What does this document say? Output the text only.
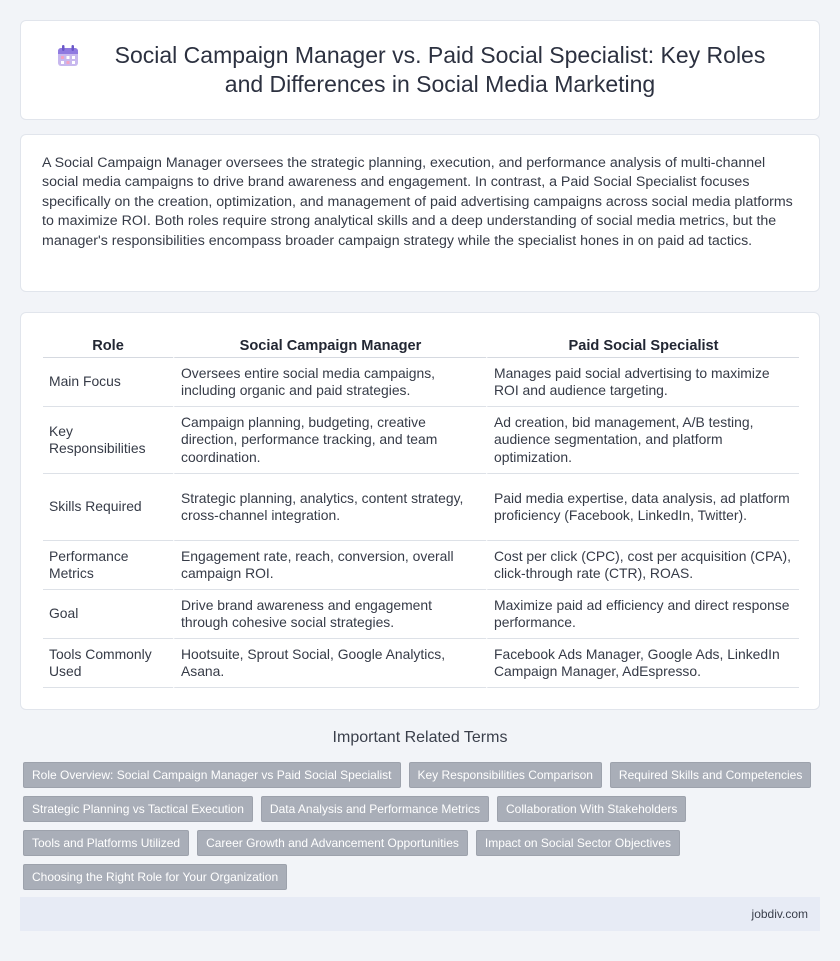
Social Campaign Manager vs. Paid Social Specialist: Key Roles and Differences in Social Media Marketing

A Social Campaign Manager oversees the strategic planning, execution, and performance analysis of multi-channel social media campaigns to drive brand awareness and engagement. In contrast, a Paid Social Specialist focuses specifically on the creation, optimization, and management of paid advertising campaigns across social media platforms to maximize ROI. Both roles require strong analytical skills and a deep understanding of social media metrics, but the manager's responsibilities encompass broader campaign strategy while the specialist hones in on paid ad tactics.

Role	Social Campaign Manager	Paid Social Specialist
Main Focus	Oversees entire social media campaigns, including organic and paid strategies.	Manages paid social advertising to maximize ROI and audience targeting.
Key Responsibilities	Campaign planning, budgeting, creative direction, performance tracking, and team coordination.	Ad creation, bid management, A/B testing, audience segmentation, and platform optimization.
Skills Required	Strategic planning, analytics, content strategy, cross-channel integration.	Paid media expertise, data analysis, ad platform proficiency (Facebook, LinkedIn, Twitter).
Performance Metrics	Engagement rate, reach, conversion, overall campaign ROI.	Cost per click (CPC), cost per acquisition (CPA), click-through rate (CTR), ROAS.
Goal	Drive brand awareness and engagement through cohesive social strategies.	Maximize paid ad efficiency and direct response performance.
Tools Commonly Used	Hootsuite, Sprout Social, Google Analytics, Asana.	Facebook Ads Manager, Google Ads, LinkedIn Campaign Manager, AdEspresso.
Important Related Terms
Role Overview: Social Campaign Manager vs Paid Social Specialist	Key Responsibilities Comparison	Required Skills and Competencies
Strategic Planning vs Tactical Execution	Data Analysis and Performance Metrics	Collaboration With Stakeholders
Tools and Platforms Utilized	Career Growth and Advancement Opportunities	Impact on Social Sector Objectives
Choosing the Right Role for Your Organization
jobdiv.com
